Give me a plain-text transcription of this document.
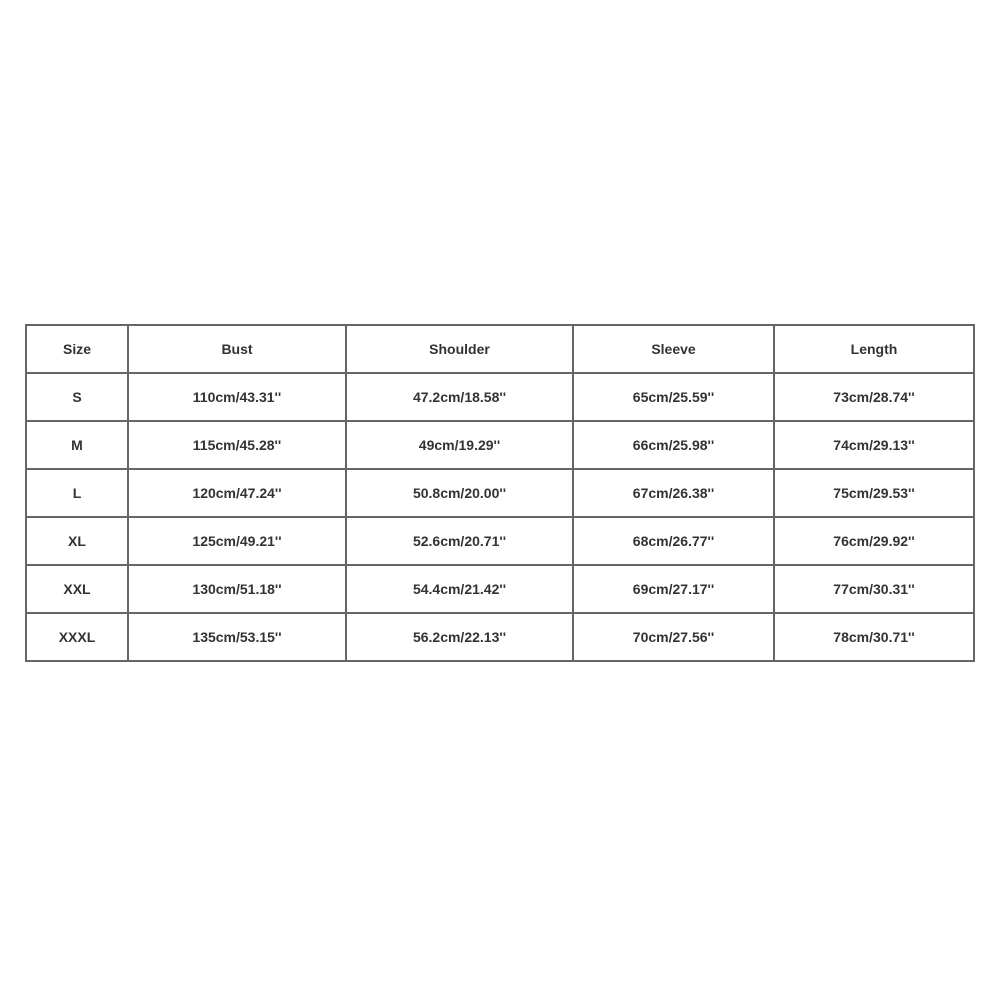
Size	Bust	Shoulder	Sleeve	Length
S	110cm/43.31''	47.2cm/18.58''	65cm/25.59''	73cm/28.74''
M	115cm/45.28''	49cm/19.29''	66cm/25.98''	74cm/29.13''
L	120cm/47.24''	50.8cm/20.00''	67cm/26.38''	75cm/29.53''
XL	125cm/49.21''	52.6cm/20.71''	68cm/26.77''	76cm/29.92''
XXL	130cm/51.18''	54.4cm/21.42''	69cm/27.17''	77cm/30.31''
XXXL	135cm/53.15''	56.2cm/22.13''	70cm/27.56''	78cm/30.71''
